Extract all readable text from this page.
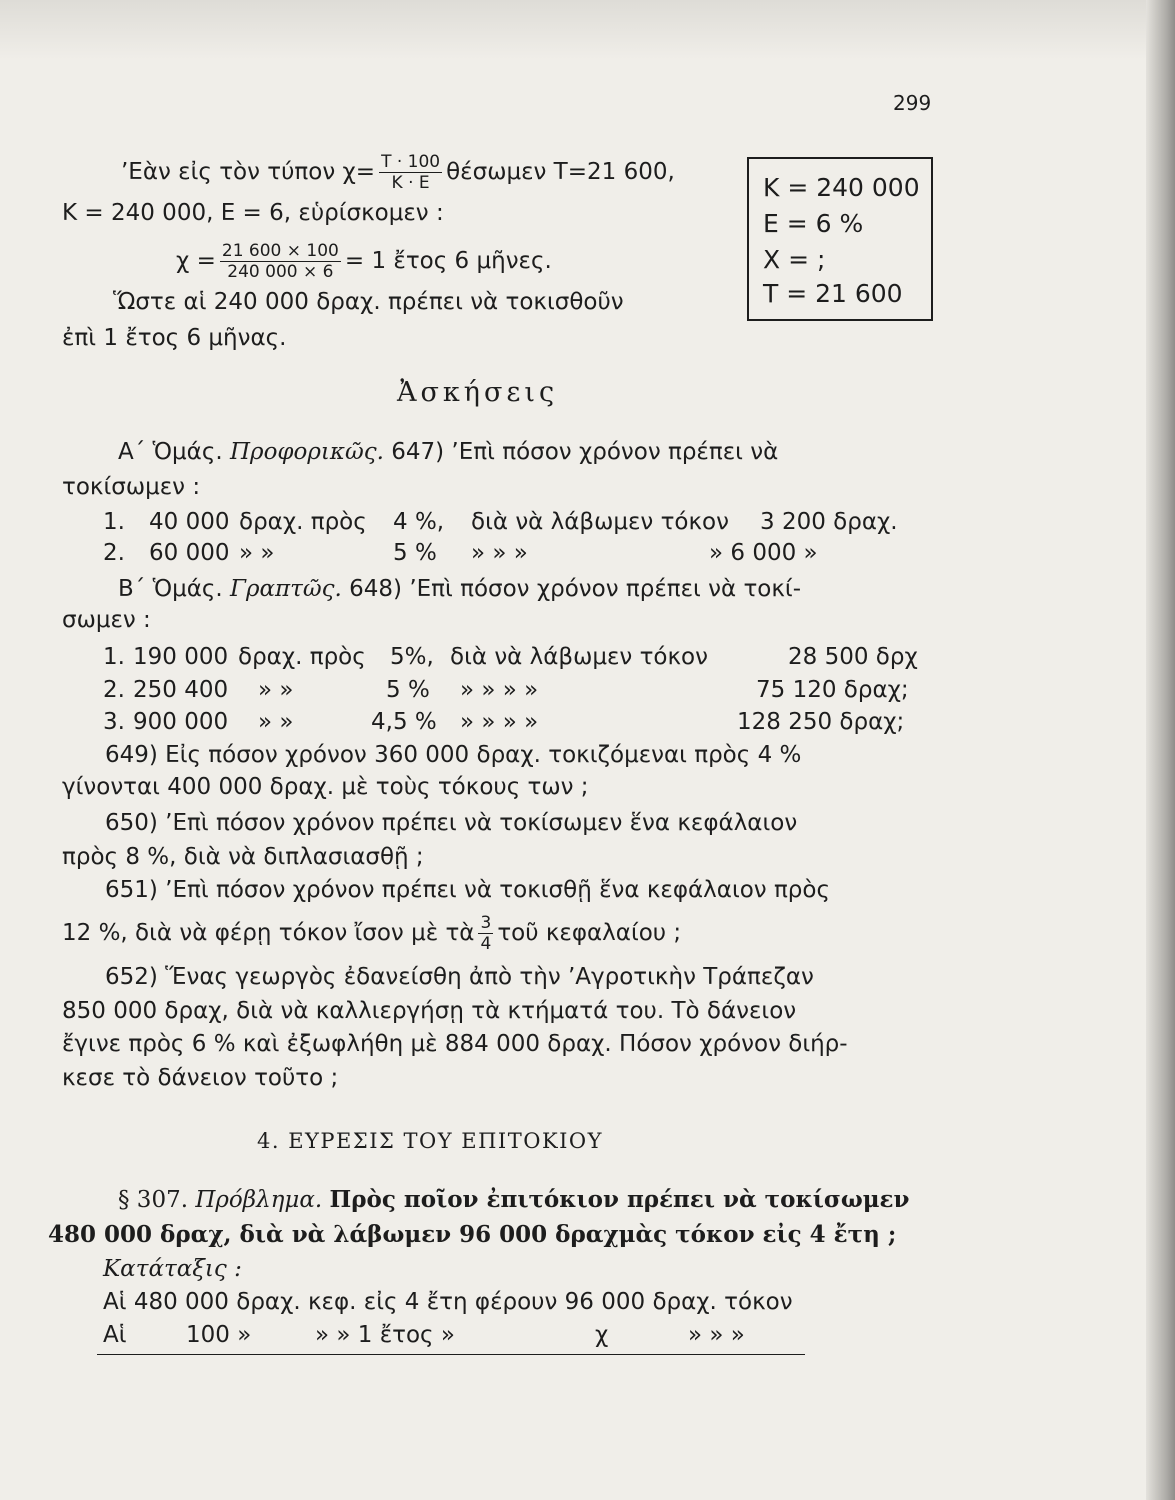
299
’Εὰν εἰς τὸν τύπον $\chi= \frac{T \cdot 100}{K \cdot E}$ θέσωμεν Τ=21 600,
Κ = 240 000, Ε = 6, εὑρίσκομεν :
$\chi = \frac{21 600 \times 100}{240 000 \times 6} = 1$ ἔτος 6 μῆνες.
Ὥστε αἱ 240 000 δραχ. πρέπει νὰ τοκισθοῦν
ἐπὶ 1 ἔτος 6 μῆνας.
Κ = 240 000
Ε = 6 %
Χ = ;
Τ = 21 600
Ἀσκήσεις
Α΄ Ὁμάς. Προφορικῶς. 647) ’Επὶ πόσον χρόνον πρέπει νὰ
τοκίσωμεν :
1. 40 000 δραχ. πρὸς 4 %, διὰ νὰ λάβωμεν τόκον 3 200 δραχ.
2. 60 000 » »	5 % » » »	» 6 000 »
Β΄ Ὁμάς. Γραπτῶς. 648) ’Επὶ πόσον χρόνον πρέπει νὰ τοκί-
σωμεν :
1. 190 000 δραχ. πρὸς 5%, διὰ νὰ λάβωμεν τόκον	28 500 δρχ
2. 250 400 » »	5 % » » » »	75 120 δραχ;
3. 900 000 » »	4,5 % » » » »	128 250 δραχ;
649) Εἰς πόσον χρόνον 360 000 δραχ. τοκιζόμεναι πρὸς 4 %
γίνονται 400 000 δραχ. μὲ τοὺς τόκους των ;
650) ’Επὶ πόσον χρόνον πρέπει νὰ τοκίσωμεν ἕνα κεφάλαιον
πρὸς 8 %, διὰ νὰ διπλασιασθῇ ;
651) ’Επὶ πόσον χρόνον πρέπει νὰ τοκισθῇ ἕνα κεφάλαιον πρὸς
12 %, διὰ νὰ φέρῃ τόκον ἴσον μὲ τὰ $\frac{3}{4}$ τοῦ κεφαλαίου ;
652) Ἕνας γεωργὸς ἐδανείσθη ἀπὸ τὴν ’Αγροτικὴν Τράπεζαν
850 000 δραχ, διὰ νὰ καλλιεργήσῃ τὰ κτήματά του. Τὸ δάνειον
ἔγινε πρὸς 6 % καὶ ἐξωφλήθη μὲ 884 000 δραχ. Πόσον χρόνον διήρ-
κεσε τὸ δάνειον τοῦτο ;
4. ΕΥΡΕΣΙΣ ΤΟΥ ΕΠΙΤΟΚΙΟΥ
§ 307. Πρόβλημα. Πρὸς ποῖον ἐπιτόκιον πρέπει νὰ τοκίσωμεν
480 000 δραχ, διὰ νὰ λάβωμεν 96 000 δραχμὰς τόκον εἰς 4 ἔτη ;
Κατάταξις :
Αἱ 480 000 δραχ. κεφ. εἰς 4 ἔτη φέρουν 96 000 δραχ. τόκον
Αἱ	100 »	» » 1 ἔτος »	χ	» » »
